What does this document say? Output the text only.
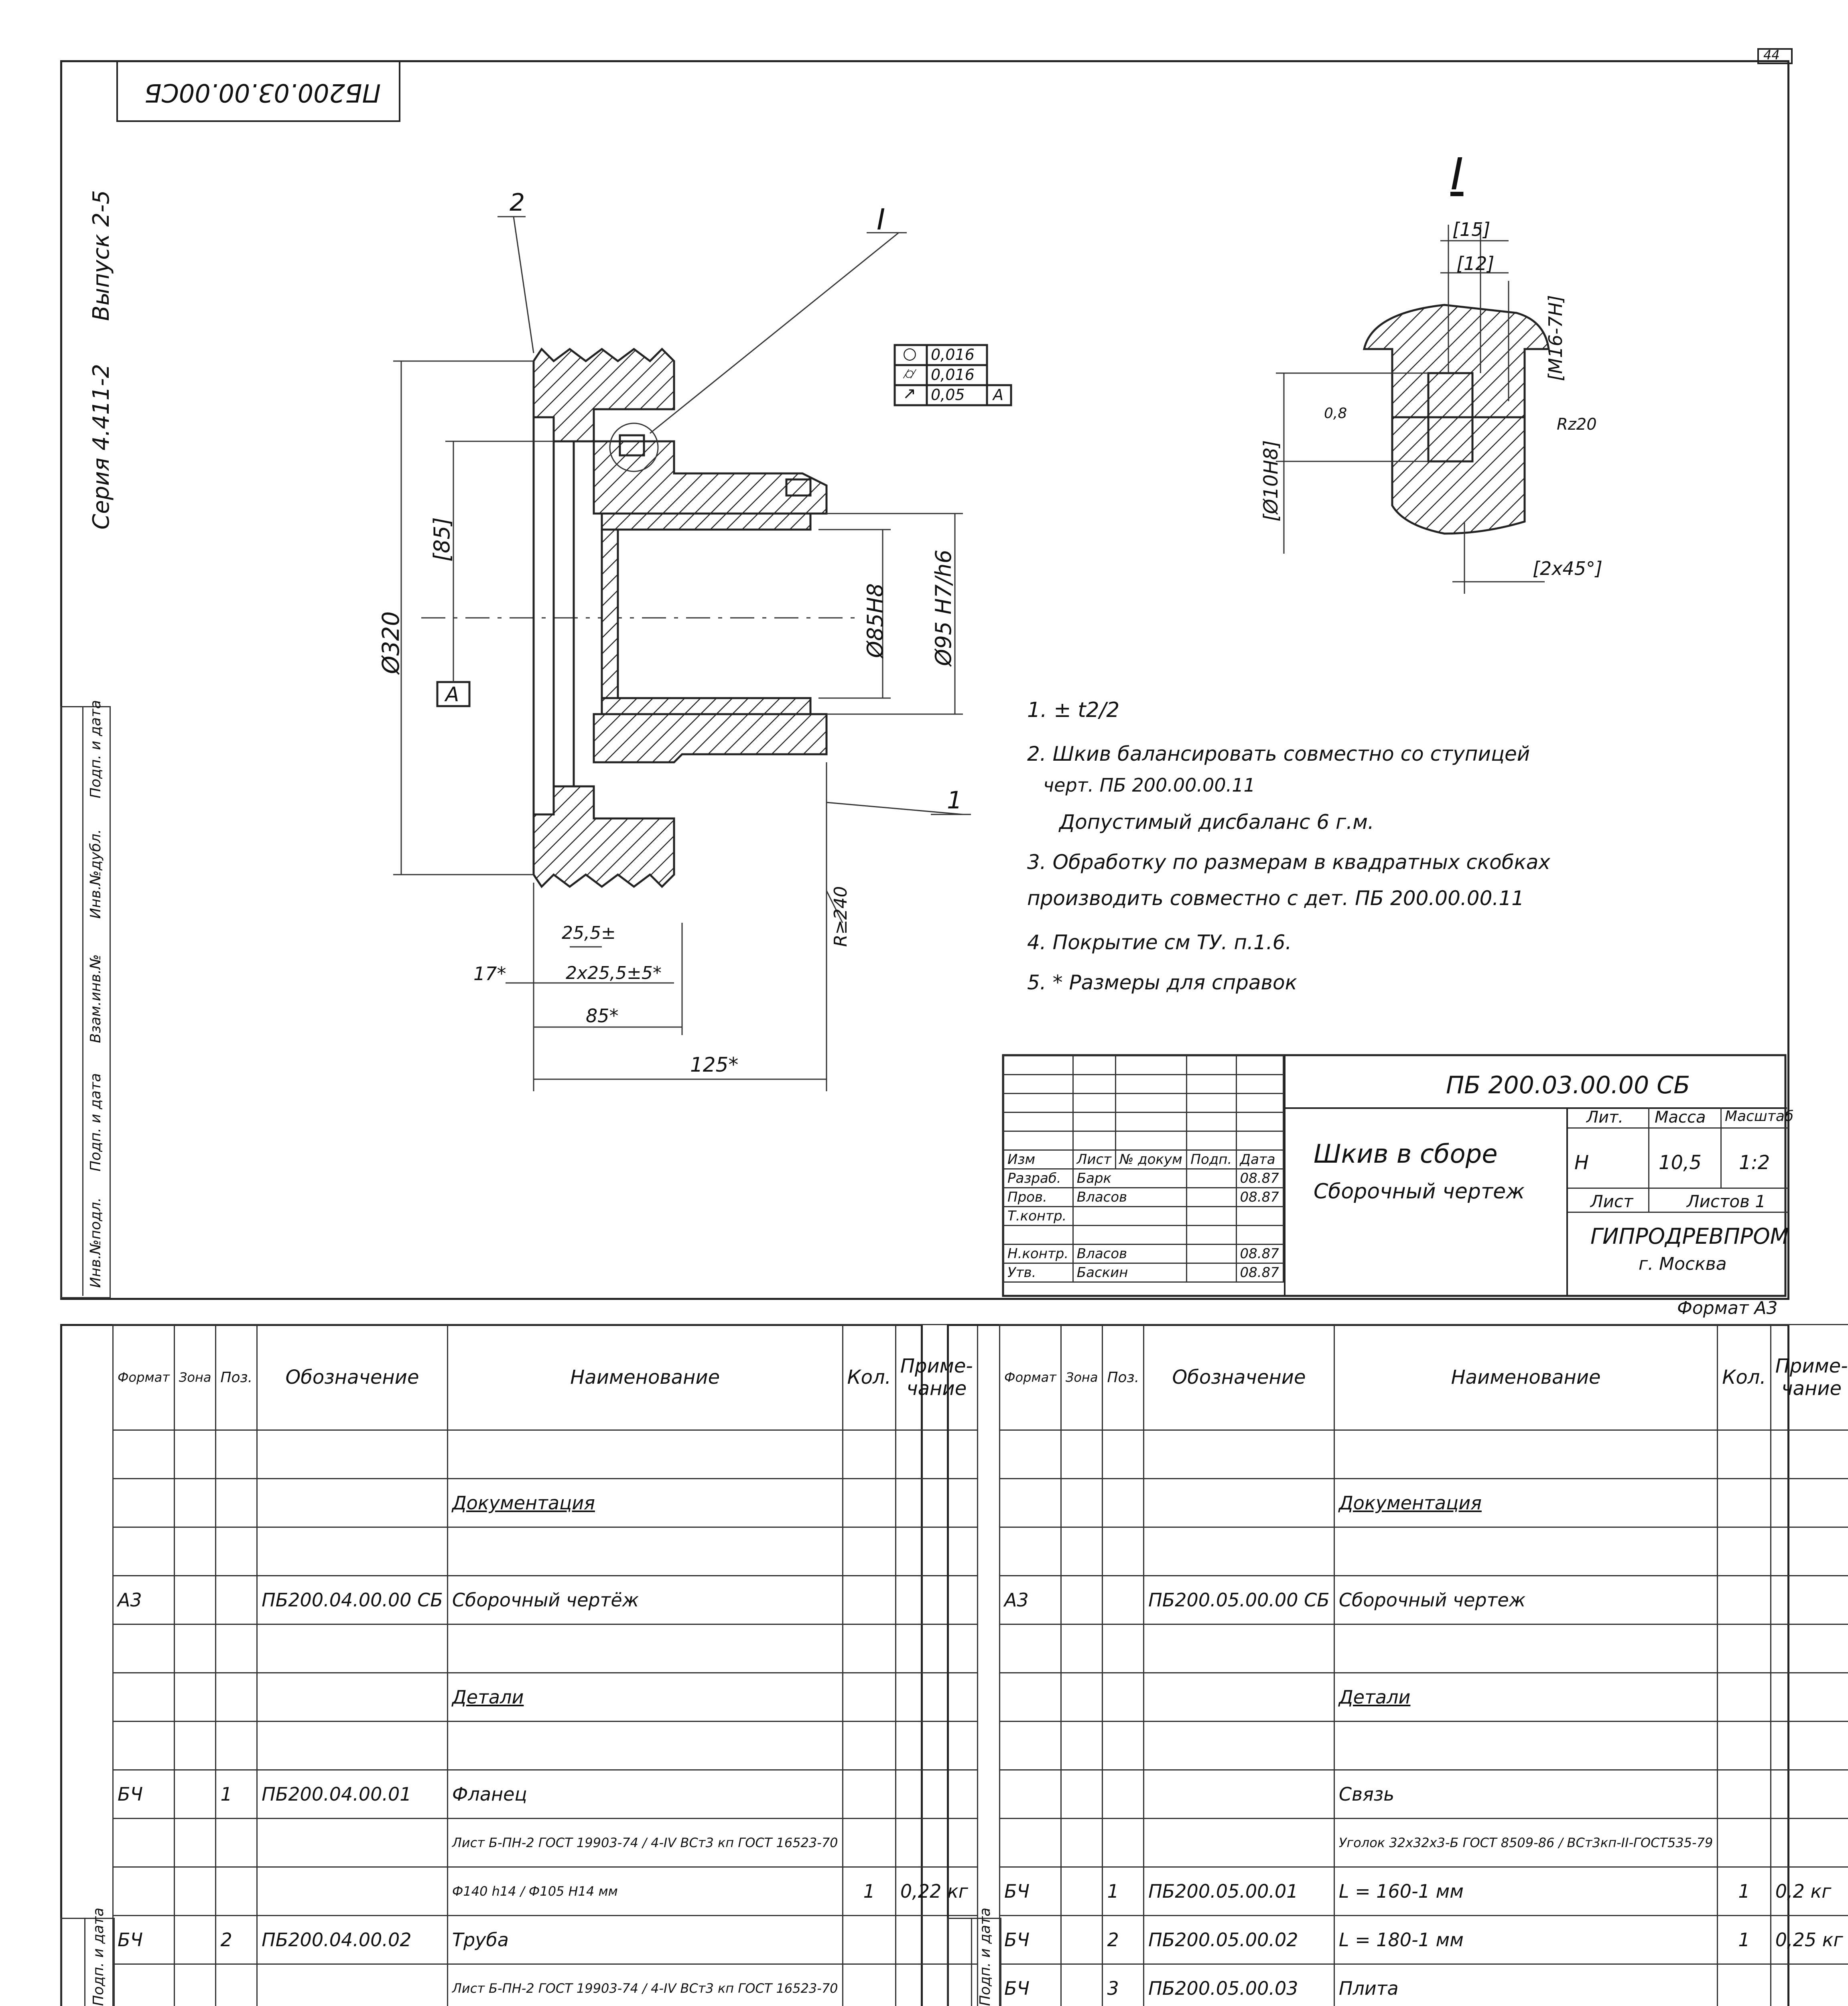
44
ПБ200.03.00.00СБ
Серия 4.411-2
Выпуск 2-5
Инв.№подл.
Подп. и дата
Взам.инв.№
Инв.№дубл.
Подп. и дата
2	I
1
I
○ 0,016
⌭ 0,016
↗ 0,05 A
Ø320
[85]
A
Ø85H8 Ø95 H7/h6
R≥240
17*
25,5±
2х25,5±5*
85*
125*
[15]
[12]
[M16-7H]
[Ø10H8]
[2х45°]
Rz20
0,8
1. ± t2/2
2. Шкив балансировать совместно со ступицей
черт. ПБ 200.00.00.11
Допустимый дисбаланс 6 г.м.
3. Обработку по размерам в квадратных скобках
производить совместно с дет. ПБ 200.00.00.11
4. Покрытие см ТУ. п.1.6.
5. * Размеры для справок

Изм	Лист	№ докум	Подп.	Дата
Разраб.	Барк			08.87
Пров.	Власов			08.87
Т.контр.				

Н.контр.	Власов			08.87
Утв.	Баскин			08.87
ПБ 200.03.00.00 СБ
Шкив в сборе
Сборочный чертеж
Лит. Масса Масштаб
Н	10,5 1:2
Лист	Листов 1
ГИПРОДРЕВПРОМ
г. Москва
Формат А3
Подп. и дата
Формат	Зона	Поз.	Обозначение	Наименование	Кол.	Приме-чание

				Документация		

А3			ПБ200.04.00.00 СБ	Сборочный чертёж		

				Детали		

БЧ		1	ПБ200.04.00.01	Фланец		
				Лист Б-ПН-2 ГОСТ 19903-74 / 4-IV ВСт3 кп ГОСТ 16523-70		
				Ф140 h14 / Ф105 H14 мм	1	0,22 кг
БЧ		2	ПБ200.04.00.02	Труба		
				Лист Б-ПН-2 ГОСТ 19903-74 / 4-IV ВСт3 кп ГОСТ 16523-70		

				Подп. и дата
Формат	Зона	Поз.	Обозначение	Наименование	Кол.	Приме-чание

				Документация		

А3			ПБ200.05.00.00 СБ	Сборочный чертеж		

				Детали		

				Связь		
				Уголок 32х32х3-Б ГОСТ 8509-86 / ВСт3кп-II-ГОСТ535-79		
БЧ		1	ПБ200.05.00.01	L = 160-1 мм	1	0,2 кг
БЧ		2	ПБ200.05.00.02	L = 180-1 мм	1	0,25 кг
БЧ		3	ПБ200.05.00.03	Плита		
